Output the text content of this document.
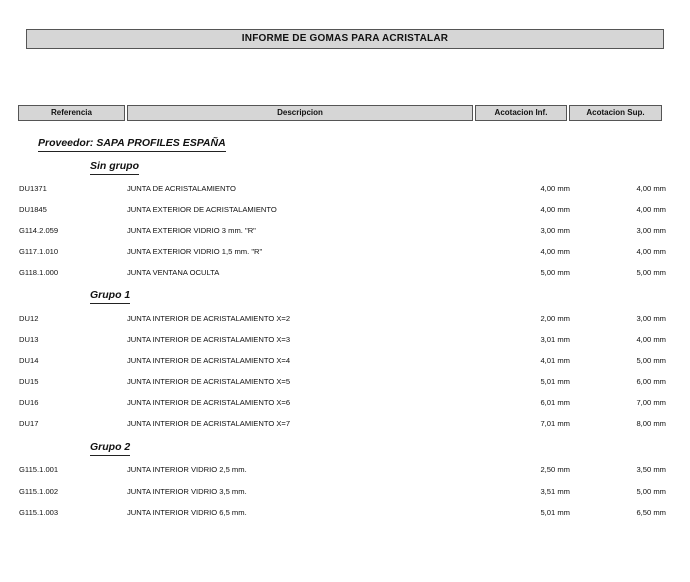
INFORME DE GOMAS PARA ACRISTALAR
Referencia	Descripcion	Acotacion Inf.	Acotacion Sup.
Proveedor: SAPA PROFILES ESPAÑA
Sin grupo
DU1371	JUNTA DE ACRISTALAMIENTO	4,00 mm	4,00 mm
DU1845	JUNTA EXTERIOR DE ACRISTALAMIENTO	4,00 mm	4,00 mm
G114.2.059	JUNTA EXTERIOR VIDRIO 3 mm. "R"	3,00 mm	3,00 mm
G117.1.010	JUNTA EXTERIOR VIDRIO 1,5 mm. "R"	4,00 mm	4,00 mm
G118.1.000	JUNTA VENTANA OCULTA	5,00 mm	5,00 mm
Grupo 1
DU12	JUNTA INTERIOR DE ACRISTALAMIENTO X=2	2,00 mm	3,00 mm
DU13	JUNTA INTERIOR DE ACRISTALAMIENTO X=3	3,01 mm	4,00 mm
DU14	JUNTA INTERIOR DE ACRISTALAMIENTO X=4	4,01 mm	5,00 mm
DU15	JUNTA INTERIOR DE ACRISTALAMIENTO X=5	5,01 mm	6,00 mm
DU16	JUNTA INTERIOR DE ACRISTALAMIENTO X=6	6,01 mm	7,00 mm
DU17	JUNTA INTERIOR DE ACRISTALAMIENTO X=7	7,01 mm	8,00 mm
Grupo 2
G115.1.001	JUNTA INTERIOR VIDRIO 2,5 mm.	2,50 mm	3,50 mm
G115.1.002	JUNTA INTERIOR VIDRIO 3,5 mm.	3,51 mm	5,00 mm
G115.1.003	JUNTA INTERIOR VIDRIO 6,5 mm.	5,01 mm	6,50 mm
